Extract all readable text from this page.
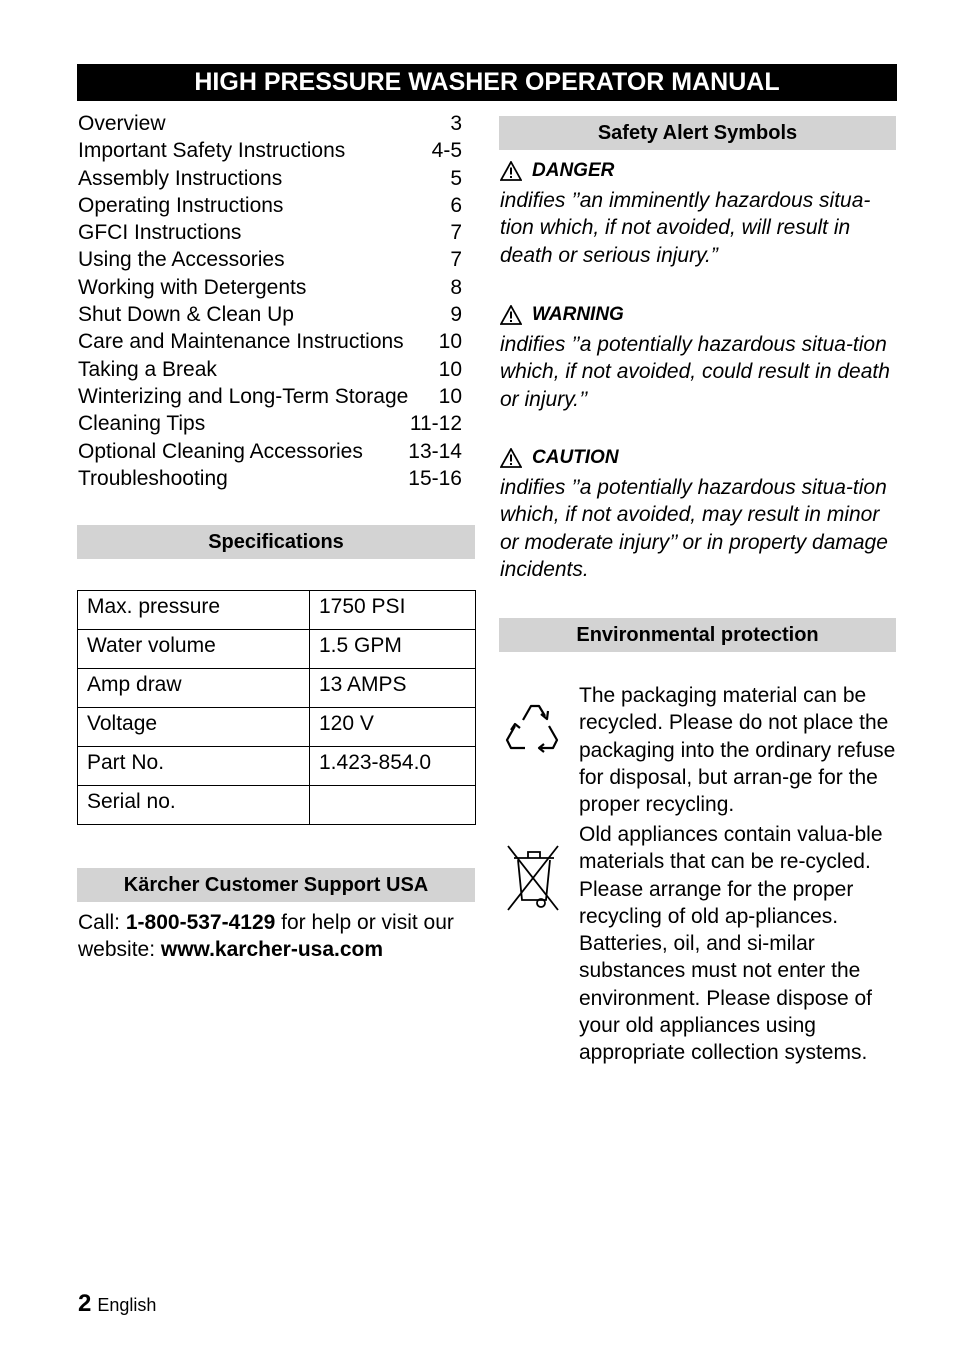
HIGH PRESSURE WASHER OPERATOR MANUAL
Overview	3
Important Safety Instructions	4-5
Assembly Instructions	5
Operating Instructions	6
GFCI Instructions	7
Using the Accessories	7
Working with Detergents	8
Shut Down & Clean Up	9
Care and Maintenance Instructions 10
Taking a Break	10
Winterizing and Long-Term Storage 10
Cleaning Tips	11-12
Optional Cleaning Accessories 13-14
Troubleshooting	15-16
Specifications
Max. pressure	1750 PSI
Water volume	1.5 GPM
Amp draw	13 AMPS
Voltage	120 V
Part No.	1.423-854.0
Serial no.	
Kärcher Customer Support USA
Call: 1-800-537-4129 for help or visit our website: www.karcher-usa.com
Safety Alert Symbols
DANGER
indifies ’’an imminently hazardous situa-tion which, if not avoided, will result in death or serious injury.”
WARNING
indifies ’’a potentially hazardous situa-tion which, if not avoided, could result in death or injury.’’
CAUTION
indifies ’’a potentially hazardous situa-tion which, if not avoided, may result in minor or moderate injury’’ or in property damage incidents.
Environmental protection
The packaging material can be recycled. Please do not place the packaging into the ordinary refuse for disposal, but arran-ge for the proper recycling.
Old appliances contain valua-ble materials that can be re-cycled. Please arrange for the proper recycling of old ap-pliances. Batteries, oil, and si-milar substances must not enter the environment. Please dispose of your old appliances using appropriate collection systems.
2 English
